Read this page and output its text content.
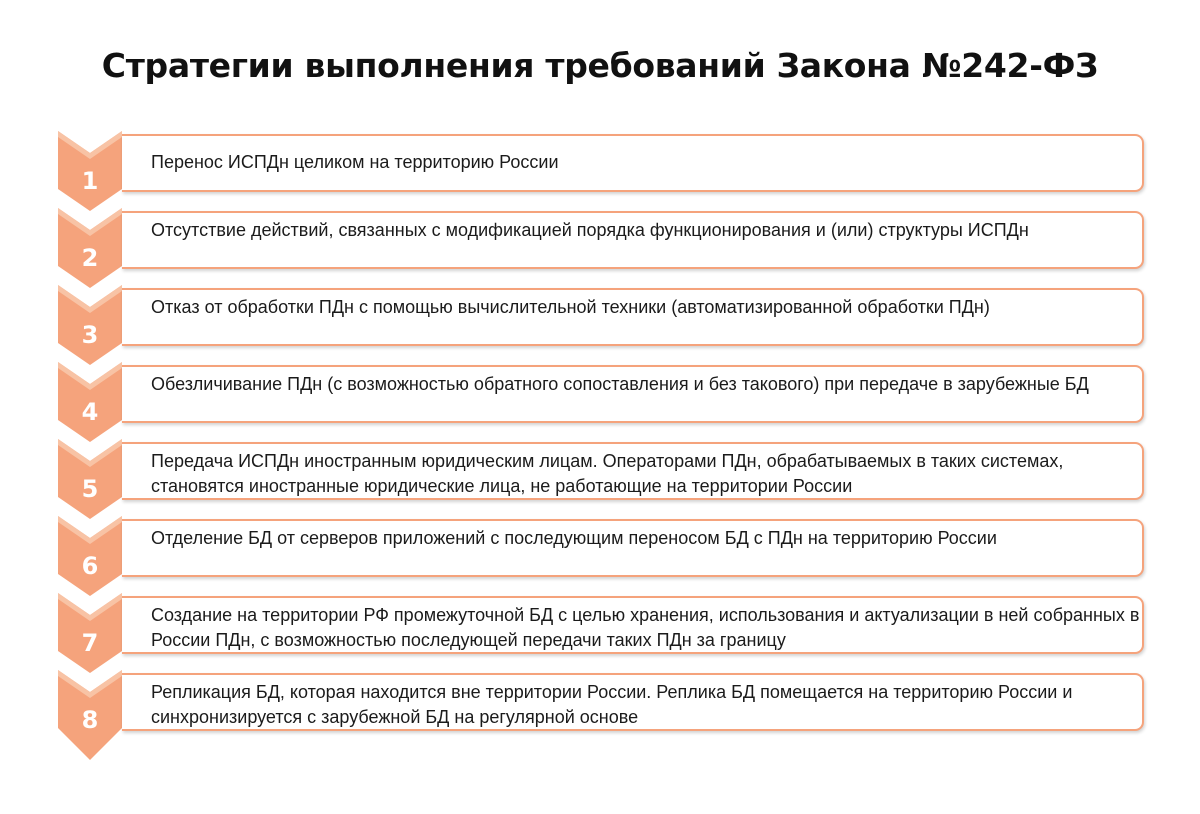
Стратегии выполнения требований Закона №242-ФЗ
1
Перенос ИСПДн целиком на территорию России
2
Отсутствие действий, связанных с модификацией порядка функционирования и (или) структуры ИСПДн
3
Отказ от обработки ПДн с помощью вычислительной техники (автоматизированной обработки ПДн)
4
Обезличивание ПДн (с возможностью обратного сопоставления и без такового) при передаче в зарубежные БД
5
Передача ИСПДн иностранным юридическим лицам. Операторами ПДн, обрабатываемых в таких системах, становятся иностранные юридические лица, не работающие на территории России
6
Отделение БД от серверов приложений с последующим переносом БД с ПДн на территорию России
7
Создание на территории РФ промежуточной БД с целью хранения, использования и актуализации в ней собранных в России ПДн, с возможностью последующей передачи таких ПДн за границу
8
Репликация БД, которая находится вне территории России. Реплика БД помещается на территорию России и синхронизируется с зарубежной БД на регулярной основе
